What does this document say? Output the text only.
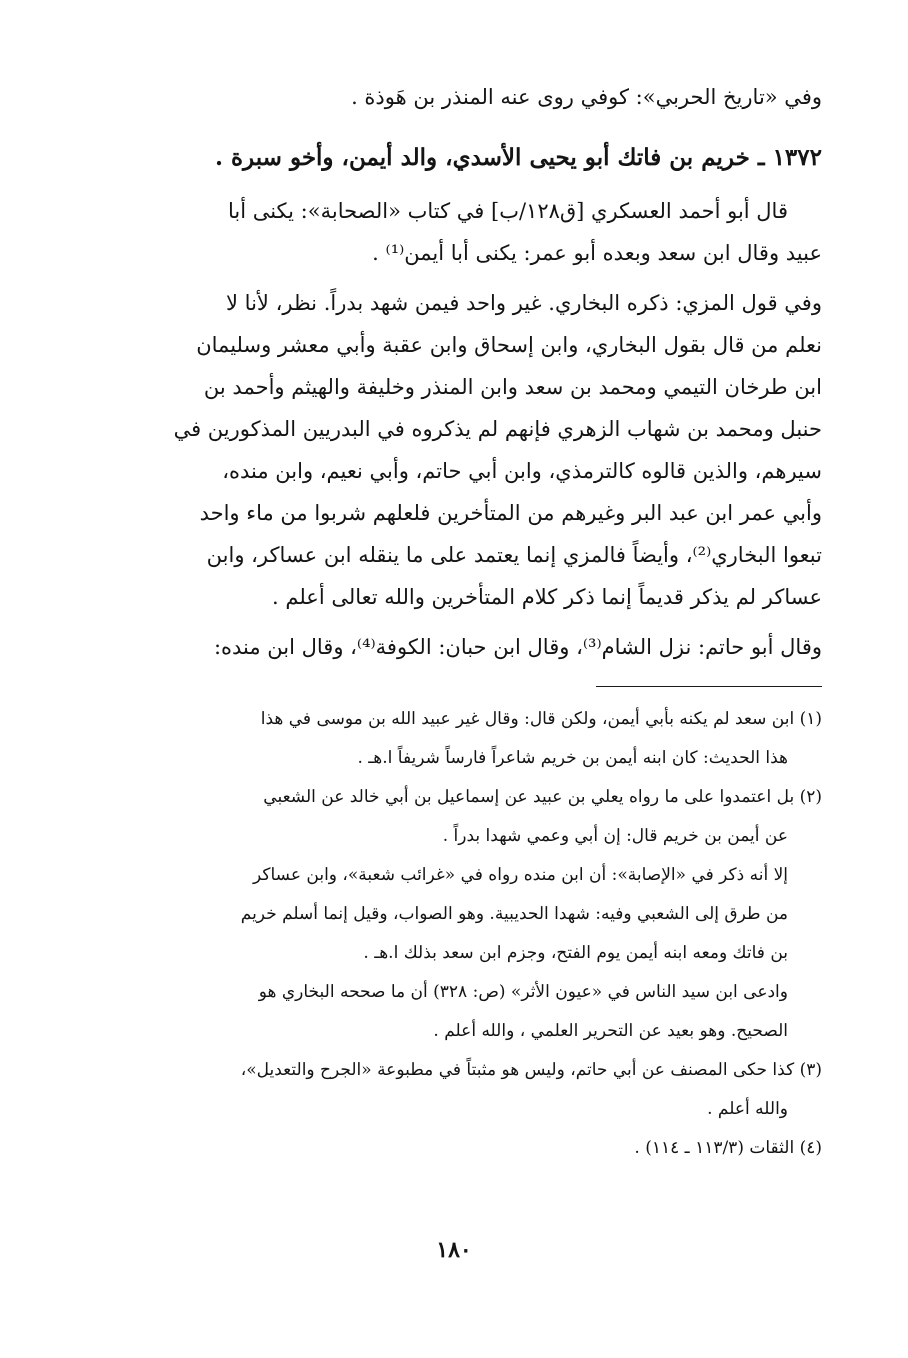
وفي «تاريخ الحربي»: كوفي روى عنه المنذر بن هَوذة .
١٣٧٢ ـ خريم بن فاتك أبو يحيى الأسدي، والد أيمن، وأخو سبرة .
قال أبو أحمد العسكري [ق١٢٨/ب] في كتاب «الصحابة»: يكنى أبا
عبيد وقال ابن سعد وبعده أبو عمر: يكنى أبا أيمن⁽¹⁾ .
وفي قول المزي: ذكره البخاري. غير واحد فيمن شهد بدراً. نظر، لأنا لا
نعلم من قال بقول البخاري، وابن إسحاق وابن عقبة وأبي معشر وسليمان
ابن طرخان التيمي ومحمد بن سعد وابن المنذر وخليفة والهيثم وأحمد بن
حنبل ومحمد بن شهاب الزهري فإنهم لم يذكروه في البدريين المذكورين في
سيرهم، والذين قالوه كالترمذي، وابن أبي حاتم، وأبي نعيم، وابن منده،
وأبي عمر ابن عبد البر وغيرهم من المتأخرين فلعلهم شربوا من ماء واحد
تبعوا البخاري⁽²⁾، وأيضاً فالمزي إنما يعتمد على ما ينقله ابن عساكر، وابن
عساكر لم يذكر قديماً إنما ذكر كلام المتأخرين والله تعالى أعلم .
وقال أبو حاتم: نزل الشام⁽³⁾، وقال ابن حبان: الكوفة⁽⁴⁾، وقال ابن منده:
(١) ابن سعد لم يكنه بأبي أيمن، ولكن قال: وقال غير عبيد الله بن موسى في هذا
هذا الحديث: كان ابنه أيمن بن خريم شاعراً فارساً شريفاً ا.هـ .
(٢) بل اعتمدوا على ما رواه يعلي بن عبيد عن إسماعيل بن أبي خالد عن الشعبي
عن أيمن بن خريم قال: إن أبي وعمي شهدا بدراً .
إلا أنه ذكر في «الإصابة»: أن ابن منده رواه في «غرائب شعبة»، وابن عساكر
من طرق إلى الشعبي وفيه: شهدا الحديبية. وهو الصواب، وقيل إنما أسلم خريم
بن فاتك ومعه ابنه أيمن يوم الفتح، وجزم ابن سعد بذلك ا.هـ .
وادعى ابن سيد الناس في «عيون الأثر» (ص: ٣٢٨) أن ما صححه البخاري هو
الصحيح. وهو بعيد عن التحرير العلمي ، والله أعلم .
(٣) كذا حكى المصنف عن أبي حاتم، وليس هو مثبتاً في مطبوعة «الجرح والتعديل»،
والله أعلم .
(٤) الثقات (١١٣/٣ ـ ١١٤) .
١٨٠
